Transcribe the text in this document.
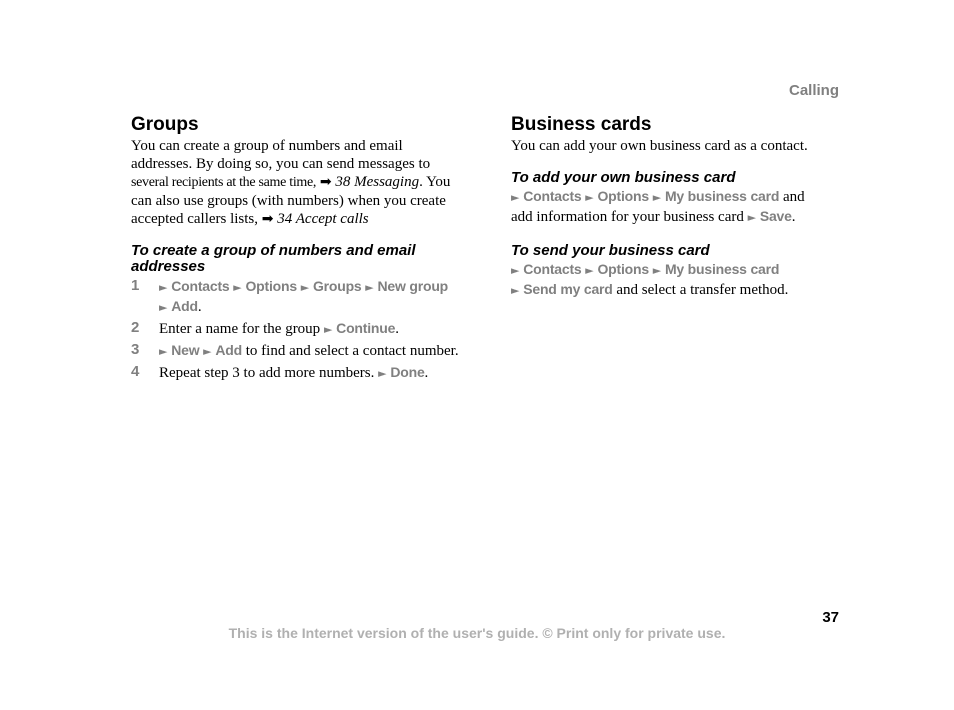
Calling
Groups

You can create a group of numbers and email addresses. By doing so, you can send messages to several recipients at the same time, ➡ 38 Messaging. You can also use groups (with numbers) when you create accepted callers lists, ➡ 34 Accept calls

To create a group of numbers and email addresses
1 ► Contacts ► Options ► Groups ► New group
► Add.
2 Enter a name for the group ► Continue.
3 ► New ► Add to find and select a contact number.
4 Repeat step 3 to add more numbers. ► Done.
Business cards

You can add your own business card as a contact.

To add your own business card

► Contacts ► Options ► My business card and
add information for your business card ► Save.

To send your business card

► Contacts ► Options ► My business card
► Send my card and select a transfer method.

37
This is the Internet version of the user's guide. © Print only for private use.
